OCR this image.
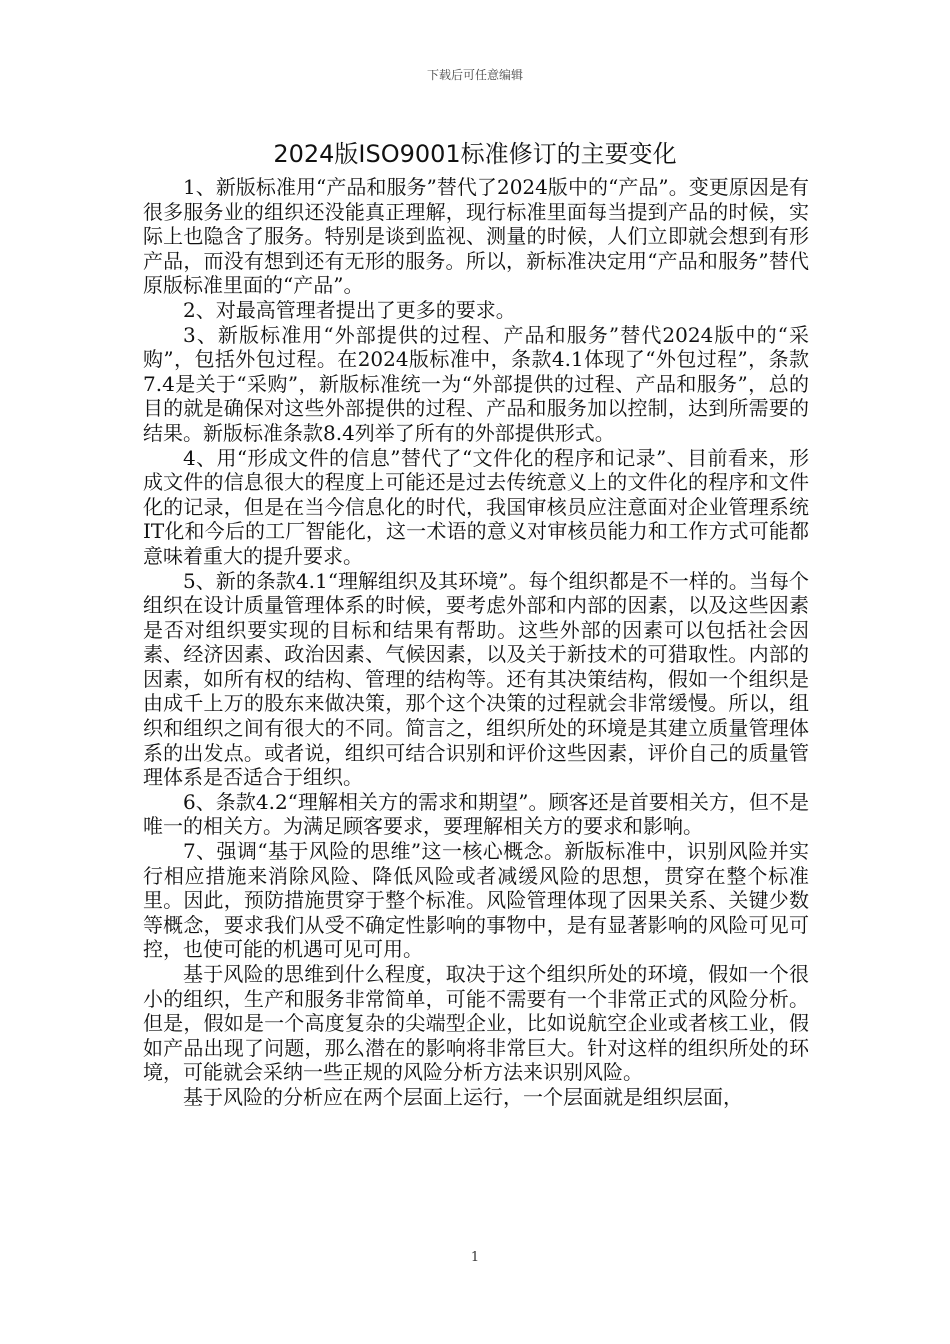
下载后可任意编辑
2024版ISO9001标准修订的主要变化

1、新版标准用“产品和服务”替代了2024版中的“产品”。变更原因是有很多服务业的组织还没能真正理解，现行标准里面每当提到产品的时候，实际上也隐含了服务。特别是谈到监视、测量的时候，人们立即就会想到有形产品，而没有想到还有无形的服务。所以，新标准决定用“产品和服务”替代原版标准里面的“产品”。

2、对最高管理者提出了更多的要求。

3、新版标准用“外部提供的过程、产品和服务”替代2024版中的“采购”，包括外包过程。在2024版标准中，条款4.1体现了“外包过程”，条款7.4是关于“采购”，新版标准统一为“外部提供的过程、产品和服务”，总的目的就是确保对这些外部提供的过程、产品和服务加以控制，达到所需要的结果。新版标准条款8.4列举了所有的外部提供形式。

4、用“形成文件的信息”替代了“文件化的程序和记录”、目前看来，形成文件的信息很大的程度上可能还是过去传统意义上的文件化的程序和文件化的记录，但是在当今信息化的时代，我国审核员应注意面对企业管理系统IT化和今后的工厂智能化，这一术语的意义对审核员能力和工作方式可能都意味着重大的提升要求。

5、新的条款4.1“理解组织及其环境”。每个组织都是不一样的。当每个组织在设计质量管理体系的时候，要考虑外部和内部的因素，以及这些因素是否对组织要实现的目标和结果有帮助。这些外部的因素可以包括社会因素、经济因素、政治因素、气候因素，以及关于新技术的可猎取性。内部的因素，如所有权的结构、管理的结构等。还有其决策结构，假如一个组织是由成千上万的股东来做决策，那个这个决策的过程就会非常缓慢。所以，组织和组织之间有很大的不同。简言之，组织所处的环境是其建立质量管理体系的出发点。或者说，组织可结合识别和评价这些因素，评价自己的质量管理体系是否适合于组织。

6、条款4.2“理解相关方的需求和期望”。顾客还是首要相关方，但不是唯一的相关方。为满足顾客要求，要理解相关方的要求和影响。

7、强调“基于风险的思维”这一核心概念。新版标准中，识别风险并实行相应措施来消除风险、降低风险或者减缓风险的思想，贯穿在整个标准里。因此，预防措施贯穿于整个标准。风险管理体现了因果关系、关键少数等概念，要求我们从受不确定性影响的事物中，是有显著影响的风险可见可控，也使可能的机遇可见可用。

基于风险的思维到什么程度，取决于这个组织所处的环境，假如一个很小的组织，生产和服务非常简单，可能不需要有一个非常正式的风险分析。但是，假如是一个高度复杂的尖端型企业，比如说航空企业或者核工业，假如产品出现了问题，那么潜在的影响将非常巨大。针对这样的组织所处的环境，可能就会采纳一些正规的风险分析方法来识别风险。

基于风险的分析应在两个层面上运行，一个层面就是组织层面，

1
